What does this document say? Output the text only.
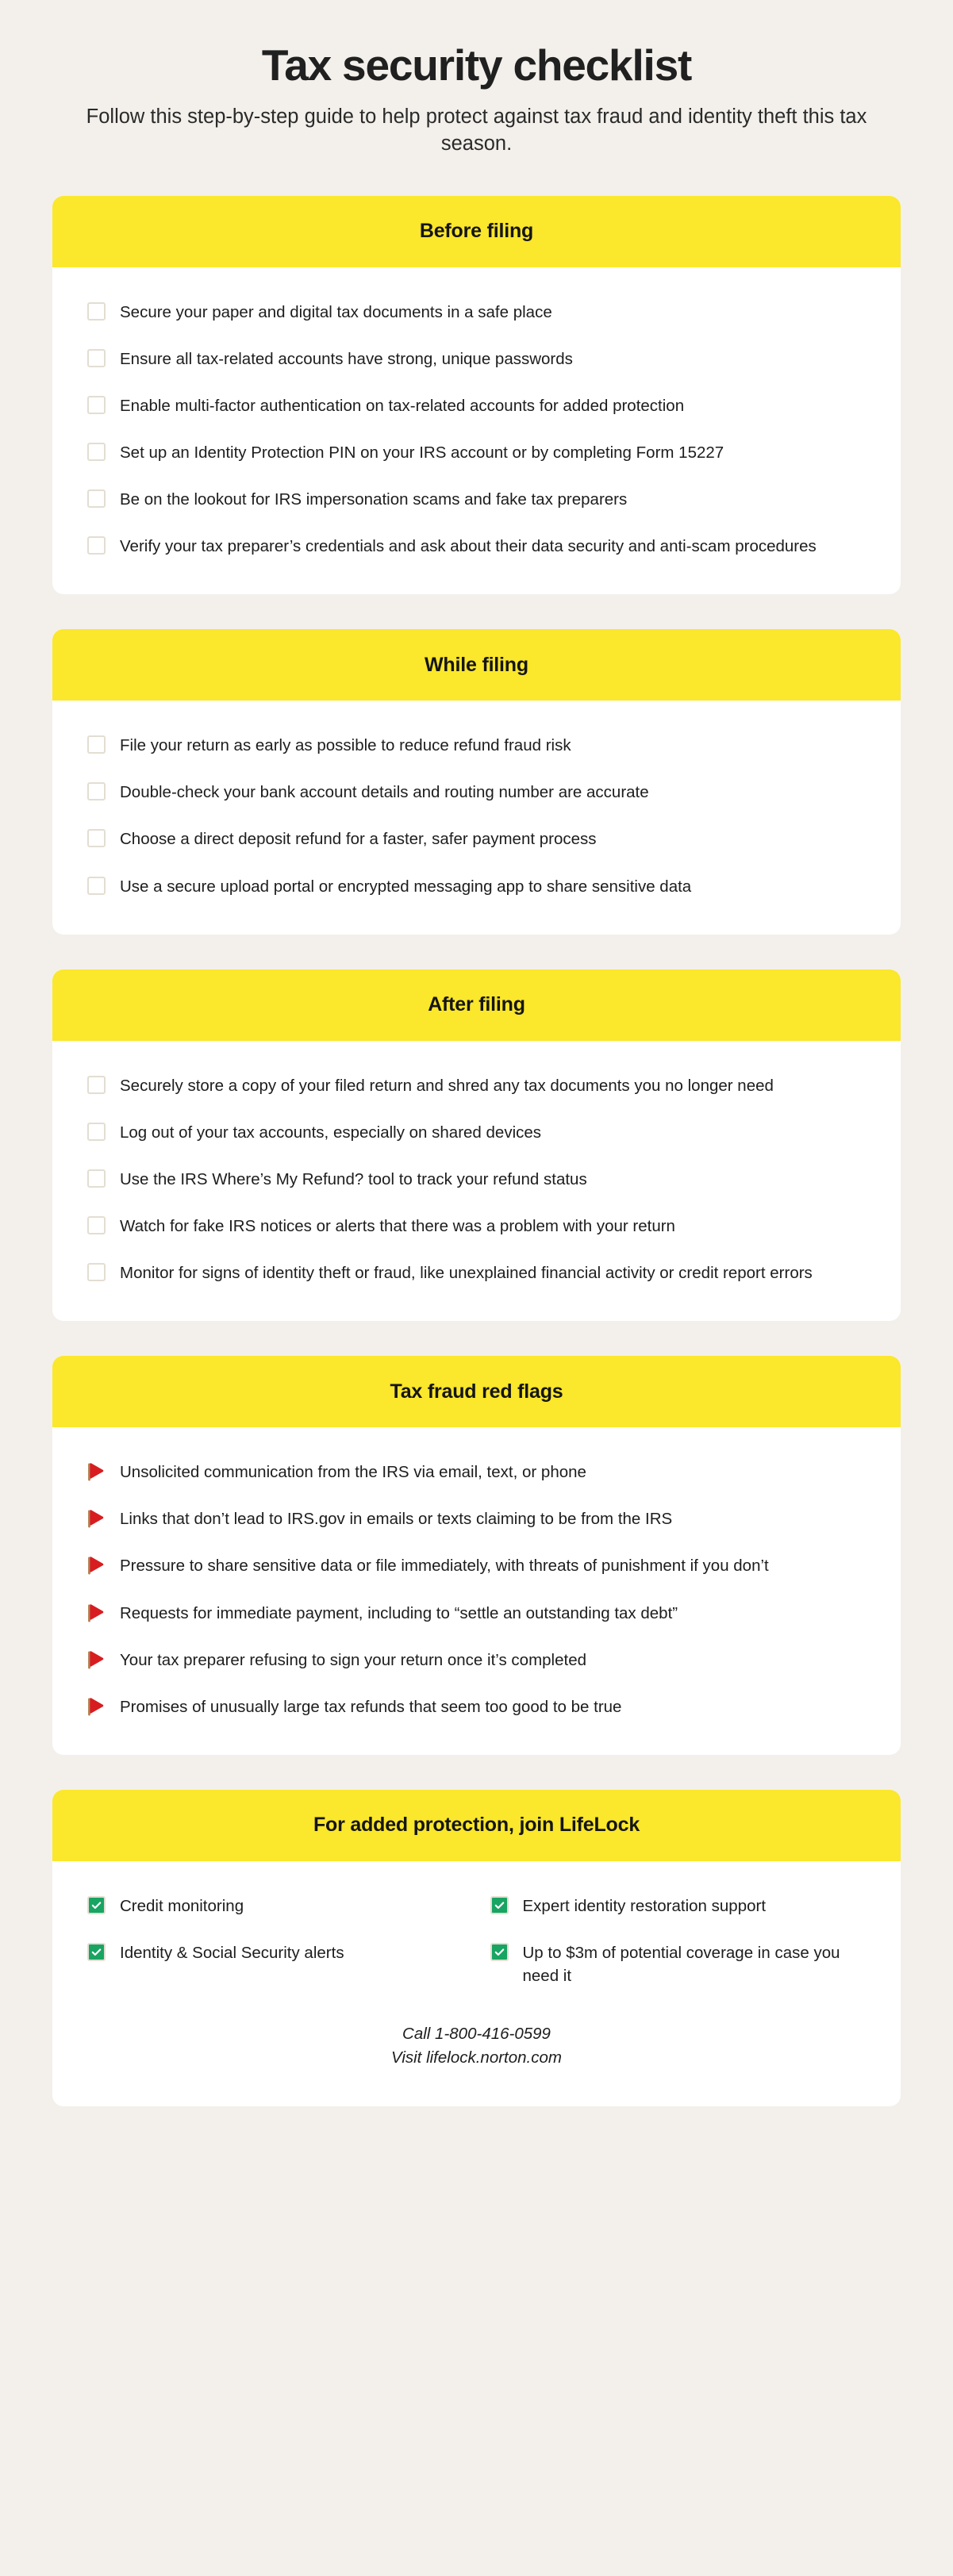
Tax security checklist

Follow this step-by-step guide to help protect against tax fraud and identity theft this tax season.

Before filing
Secure your paper and digital tax documents in a safe place
Ensure all tax-related accounts have strong, unique passwords
Enable multi-factor authentication on tax-related accounts for added protection
Set up an Identity Protection PIN on your IRS account or by completing Form 15227
Be on the lookout for IRS impersonation scams and fake tax preparers
Verify your tax preparer’s credentials and ask about their data security and anti-scam procedures
While filing
File your return as early as possible to reduce refund fraud risk
Double-check your bank account details and routing number are accurate
Choose a direct deposit refund for a faster, safer payment process
Use a secure upload portal or encrypted messaging app to share sensitive data
After filing
Securely store a copy of your filed return and shred any tax documents you no longer need
Log out of your tax accounts, especially on shared devices
Use the IRS Where’s My Refund? tool to track your refund status
Watch for fake IRS notices or alerts that there was a problem with your return
Monitor for signs of identity theft or fraud, like unexplained financial activity or credit report errors
Tax fraud red flags
Unsolicited communication from the IRS via email, text, or phone
Links that don’t lead to IRS.gov in emails or texts claiming to be from the IRS
Pressure to share sensitive data or file immediately, with threats of punishment if you don’t
Requests for immediate payment, including to “settle an outstanding tax debt”
Your tax preparer refusing to sign your return once it’s completed
Promises of unusually large tax refunds that seem too good to be true
For added protection, join LifeLock
Credit monitoring	Expert identity restoration support
Identity & Social Security alerts	Up to $3m of potential coverage in case you need it
Call 1-800-416-0599
Visit lifelock.norton.com
